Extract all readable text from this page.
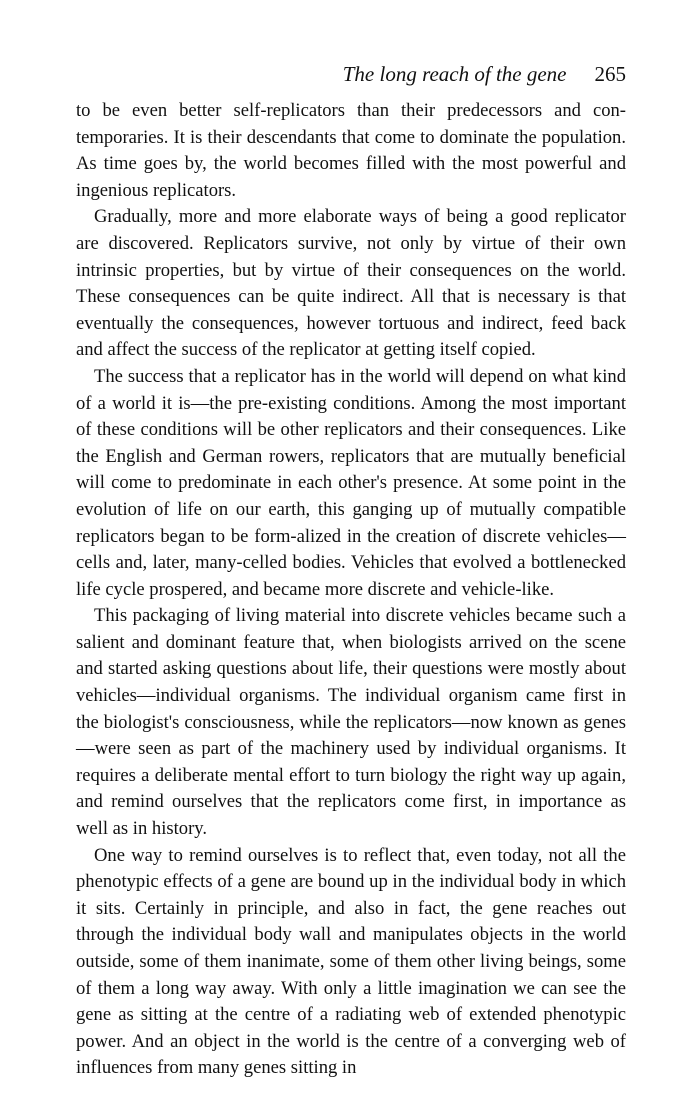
The long reach of the gene 265

to be even better self-replicators than their predecessors and con-temporaries. It is their descendants that come to dominate the population. As time goes by, the world becomes filled with the most powerful and ingenious replicators.

Gradually, more and more elaborate ways of being a good replicator are discovered. Replicators survive, not only by virtue of their own intrinsic properties, but by virtue of their consequences on the world. These consequences can be quite indirect. All that is necessary is that eventually the consequences, however tortuous and indirect, feed back and affect the success of the replicator at getting itself copied.

The success that a replicator has in the world will depend on what kind of a world it is—the pre-existing conditions. Among the most important of these conditions will be other replicators and their consequences. Like the English and German rowers, replicators that are mutually beneficial will come to predominate in each other's presence. At some point in the evolution of life on our earth, this ganging up of mutually compatible replicators began to be form-alized in the creation of discrete vehicles—cells and, later, many-celled bodies. Vehicles that evolved a bottlenecked life cycle prospered, and became more discrete and vehicle-like.

This packaging of living material into discrete vehicles became such a salient and dominant feature that, when biologists arrived on the scene and started asking questions about life, their questions were mostly about vehicles—individual organisms. The individual organism came first in the biologist's consciousness, while the replicators—now known as genes—were seen as part of the machinery used by individual organisms. It requires a deliberate mental effort to turn biology the right way up again, and remind ourselves that the replicators come first, in importance as well as in history.

One way to remind ourselves is to reflect that, even today, not all the phenotypic effects of a gene are bound up in the individual body in which it sits. Certainly in principle, and also in fact, the gene reaches out through the individual body wall and manipulates objects in the world outside, some of them inanimate, some of them other living beings, some of them a long way away. With only a little imagination we can see the gene as sitting at the centre of a radiating web of extended phenotypic power. And an object in the world is the centre of a converging web of influences from many genes sitting in
